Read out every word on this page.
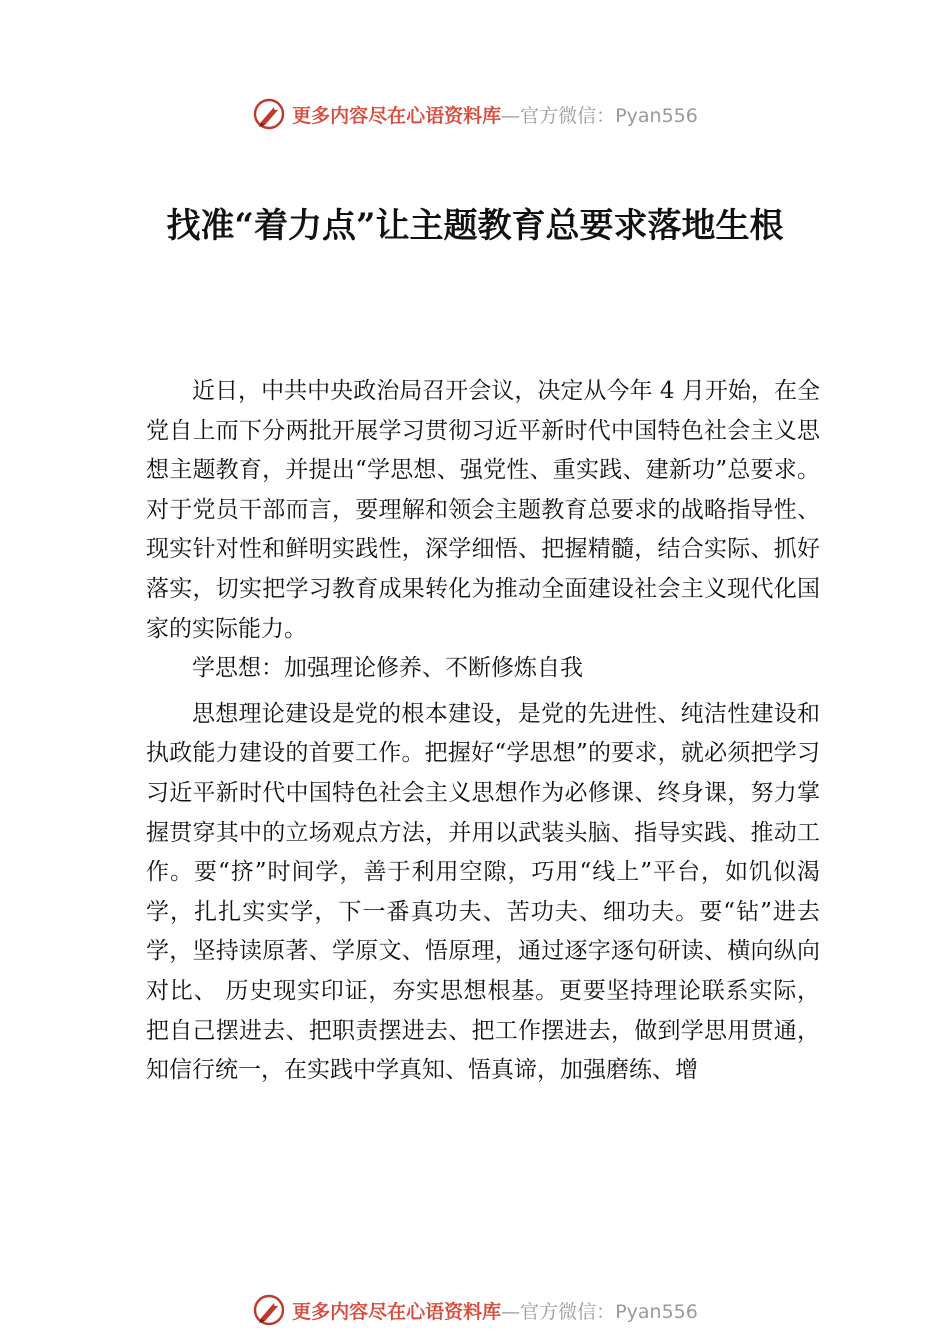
更多内容尽在心语资料库—官方微信：Pyan556
找准“着力点”让主题教育总要求落地生根

近日，中共中央政治局召开会议，决定从今年 4 月开始，在全党自上而下分两批开展学习贯彻习近平新时代中国特色社会主义思想主题教育，并提出“学思想、强党性、重实践、建新功”总要求。对于党员干部而言，要理解和领会主题教育总要求的战略指导性、现实针对性和鲜明实践性，深学细悟、把握精髓，结合实际、抓好落实，切实把学习教育成果转化为推动全面建设社会主义现代化国家的实际能力。

学思想：加强理论修养、不断修炼自我

思想理论建设是党的根本建设，是党的先进性、纯洁性建设和执政能力建设的首要工作。把握好“学思想”的要求，就必须把学习习近平新时代中国特色社会主义思想作为必修课、终身课，努力掌握贯穿其中的立场观点方法，并用以武装头脑、指导实践、推动工作。要“挤”时间学，善于利用空隙，巧用“线上”平台，如饥似渴学，扎扎实实学，下一番真功夫、苦功夫、细功夫。要“钻”进去学，坚持读原著、学原文、悟原理，通过逐字逐句研读、横向纵向对比、 历史现实印证，夯实思想根基。更要坚持理论联系实际，把自己摆进去、把职责摆进去、把工作摆进去，做到学思用贯通，知信行统一，在实践中学真知、悟真谛，加强磨练、增

更多内容尽在心语资料库—官方微信：Pyan556
